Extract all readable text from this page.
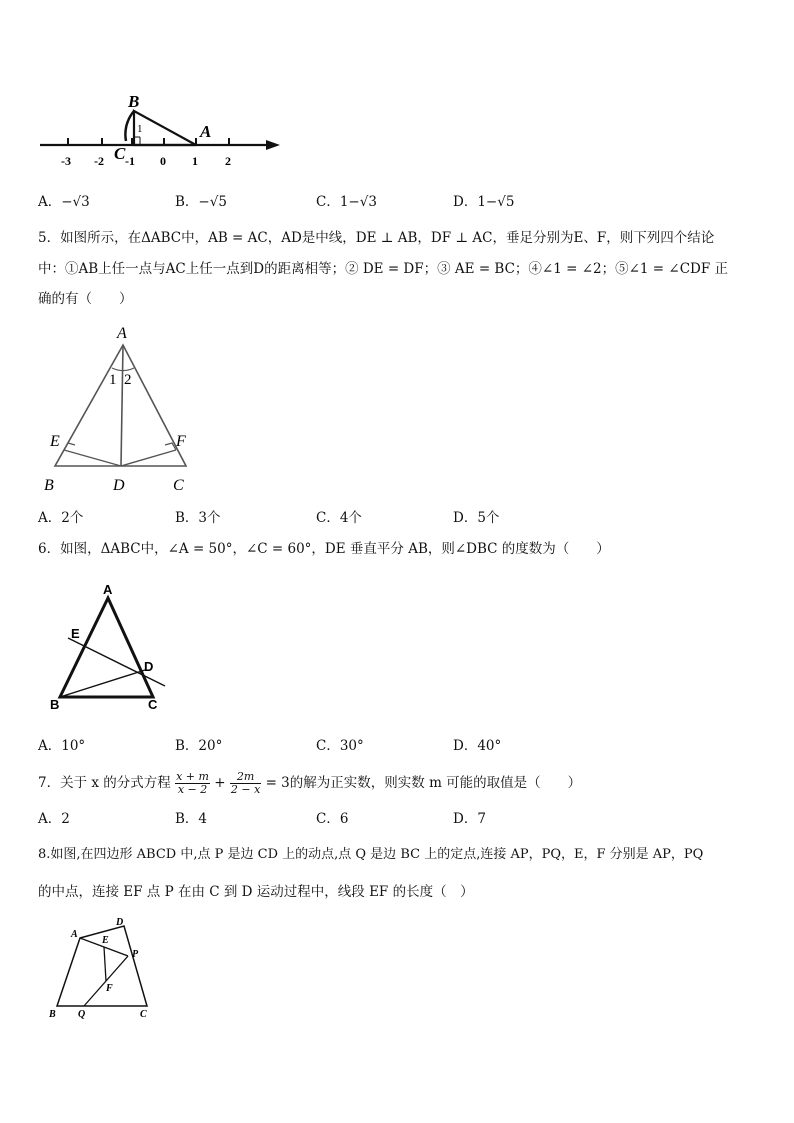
B
A
C
1
-3 -2 -1 0 1 2
A．−√3	B．−√5	C．1−√3	D．1−√5
5．如图所示，在ΔABC中，AB = AC，AD是中线，DE ⊥ AB，DF ⊥ AC，垂足分别为E、F，则下列四个结论
中：①AB上任一点与AC上任一点到D的距离相等；② DE = DF；③ AE = BC；④∠1 = ∠2；⑤∠1 = ∠CDF 正
确的有（　　）
A
1 2
E	F
B	D	C
A．2个	B．3个	C．4个	D．5个
6．如图，ΔABC中，∠A = 50°，∠C = 60°，DE 垂直平分 AB，则∠DBC 的度数为（　　）
A
E
D
B	C
A．10°	B．20°	C．30°	D．40°
7．关于 x 的分式方程 $\frac{x + m}{x - 2} + \frac{2m}{2 - x} = 3$的解为正实数，则实数 m 可能的取值是（　　）
A．2	B．4	C．6	D．7
8.如图,在四边形 ABCD 中,点 P 是边 CD 上的动点,点 Q 是边 BC 上的定点,连接 AP，PQ，E，F 分别是 AP，PQ
的中点，连接 EF 点 P 在由 C 到 D 运动过程中，线段 EF 的长度（　）
A
D
E
P
F
B Q	C
